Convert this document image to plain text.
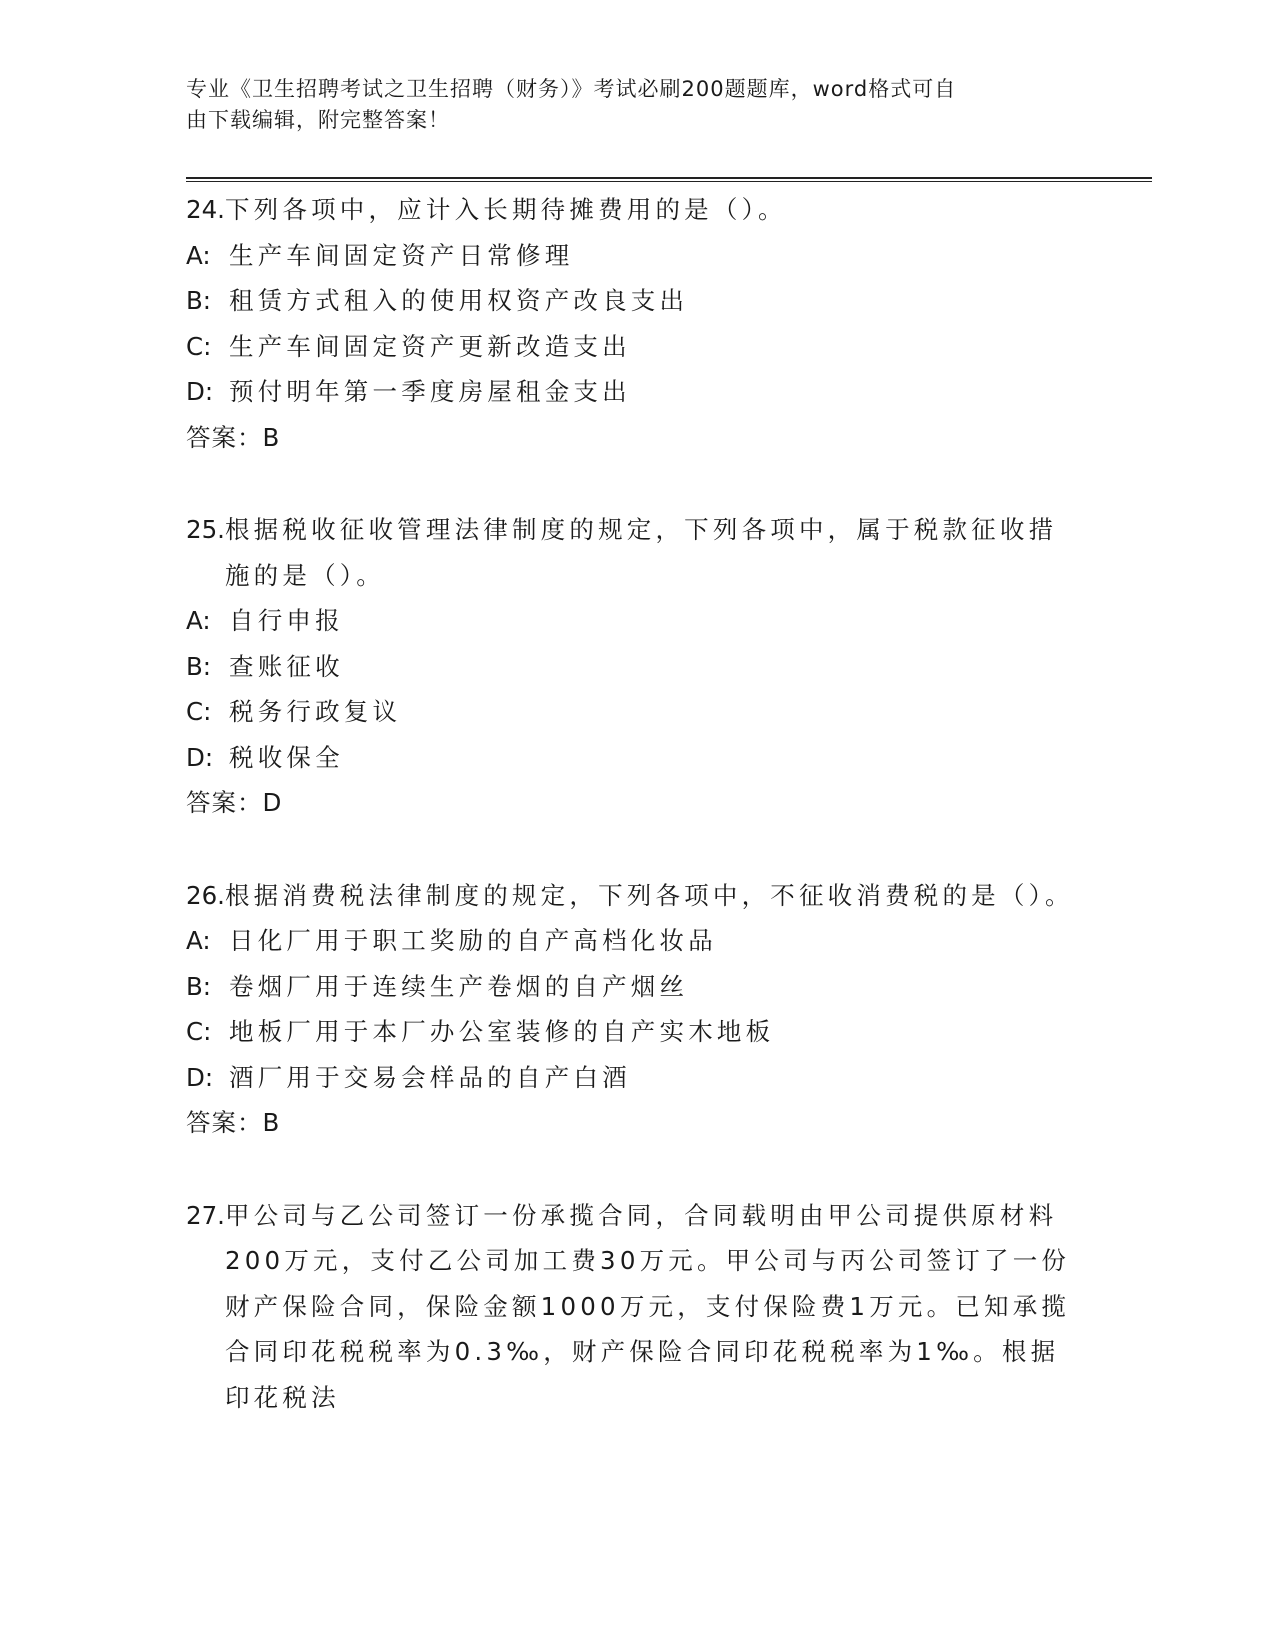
专业《卫生招聘考试之卫生招聘（财务）》考试必刷200题题库，word格式可自
由下载编辑，附完整答案！
24. 下列各项中，应计入长期待摊费用的是（）。
A: 生产车间固定资产日常修理
B: 租赁方式租入的使用权资产改良支出
C: 生产车间固定资产更新改造支出
D: 预付明年第一季度房屋租金支出
答案：B
25. 根据税收征收管理法律制度的规定，下列各项中，属于税款征收措施的是（）。
A: 自行申报
B: 查账征收
C: 税务行政复议
D: 税收保全
答案：D
26. 根据消费税法律制度的规定，下列各项中，不征收消费税的是（）。
A: 日化厂用于职工奖励的自产高档化妆品
B: 卷烟厂用于连续生产卷烟的自产烟丝
C: 地板厂用于本厂办公室装修的自产实木地板
D: 酒厂用于交易会样品的自产白酒
答案：B
27. 甲公司与乙公司签订一份承揽合同，合同载明由甲公司提供原材料200万元，支付乙公司加工费30万元。甲公司与丙公司签订了一份财产保险合同，保险金额1000万元，支付保险费1万元。已知承揽合同印花税税率为0.3‰，财产保险合同印花税税率为1‰。根据印花税法
